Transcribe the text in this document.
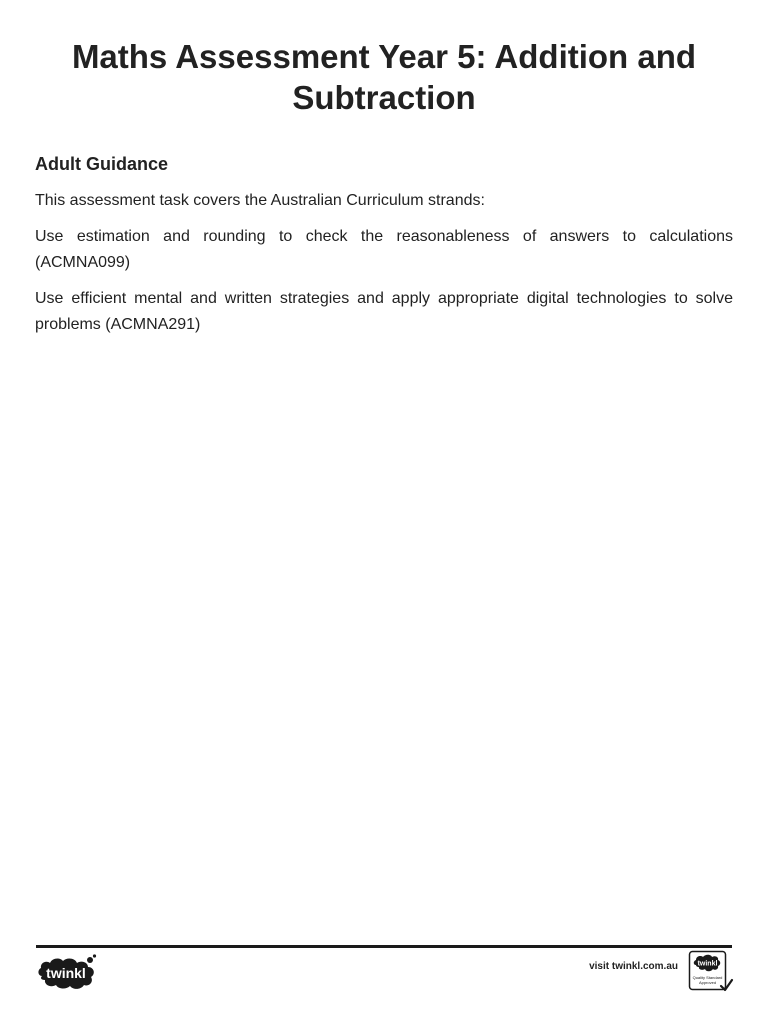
Maths Assessment Year 5: Addition and Subtraction
Adult Guidance

This assessment task covers the Australian Curriculum strands:

Use estimation and rounding to check the reasonableness of answers to calculations (ACMNA099)

Use efficient mental and written strategies and apply appropriate digital technologies to solve problems (ACMNA291)

twinkl	visit twinkl.com.au	twinkl
Quality Standard
Approved
